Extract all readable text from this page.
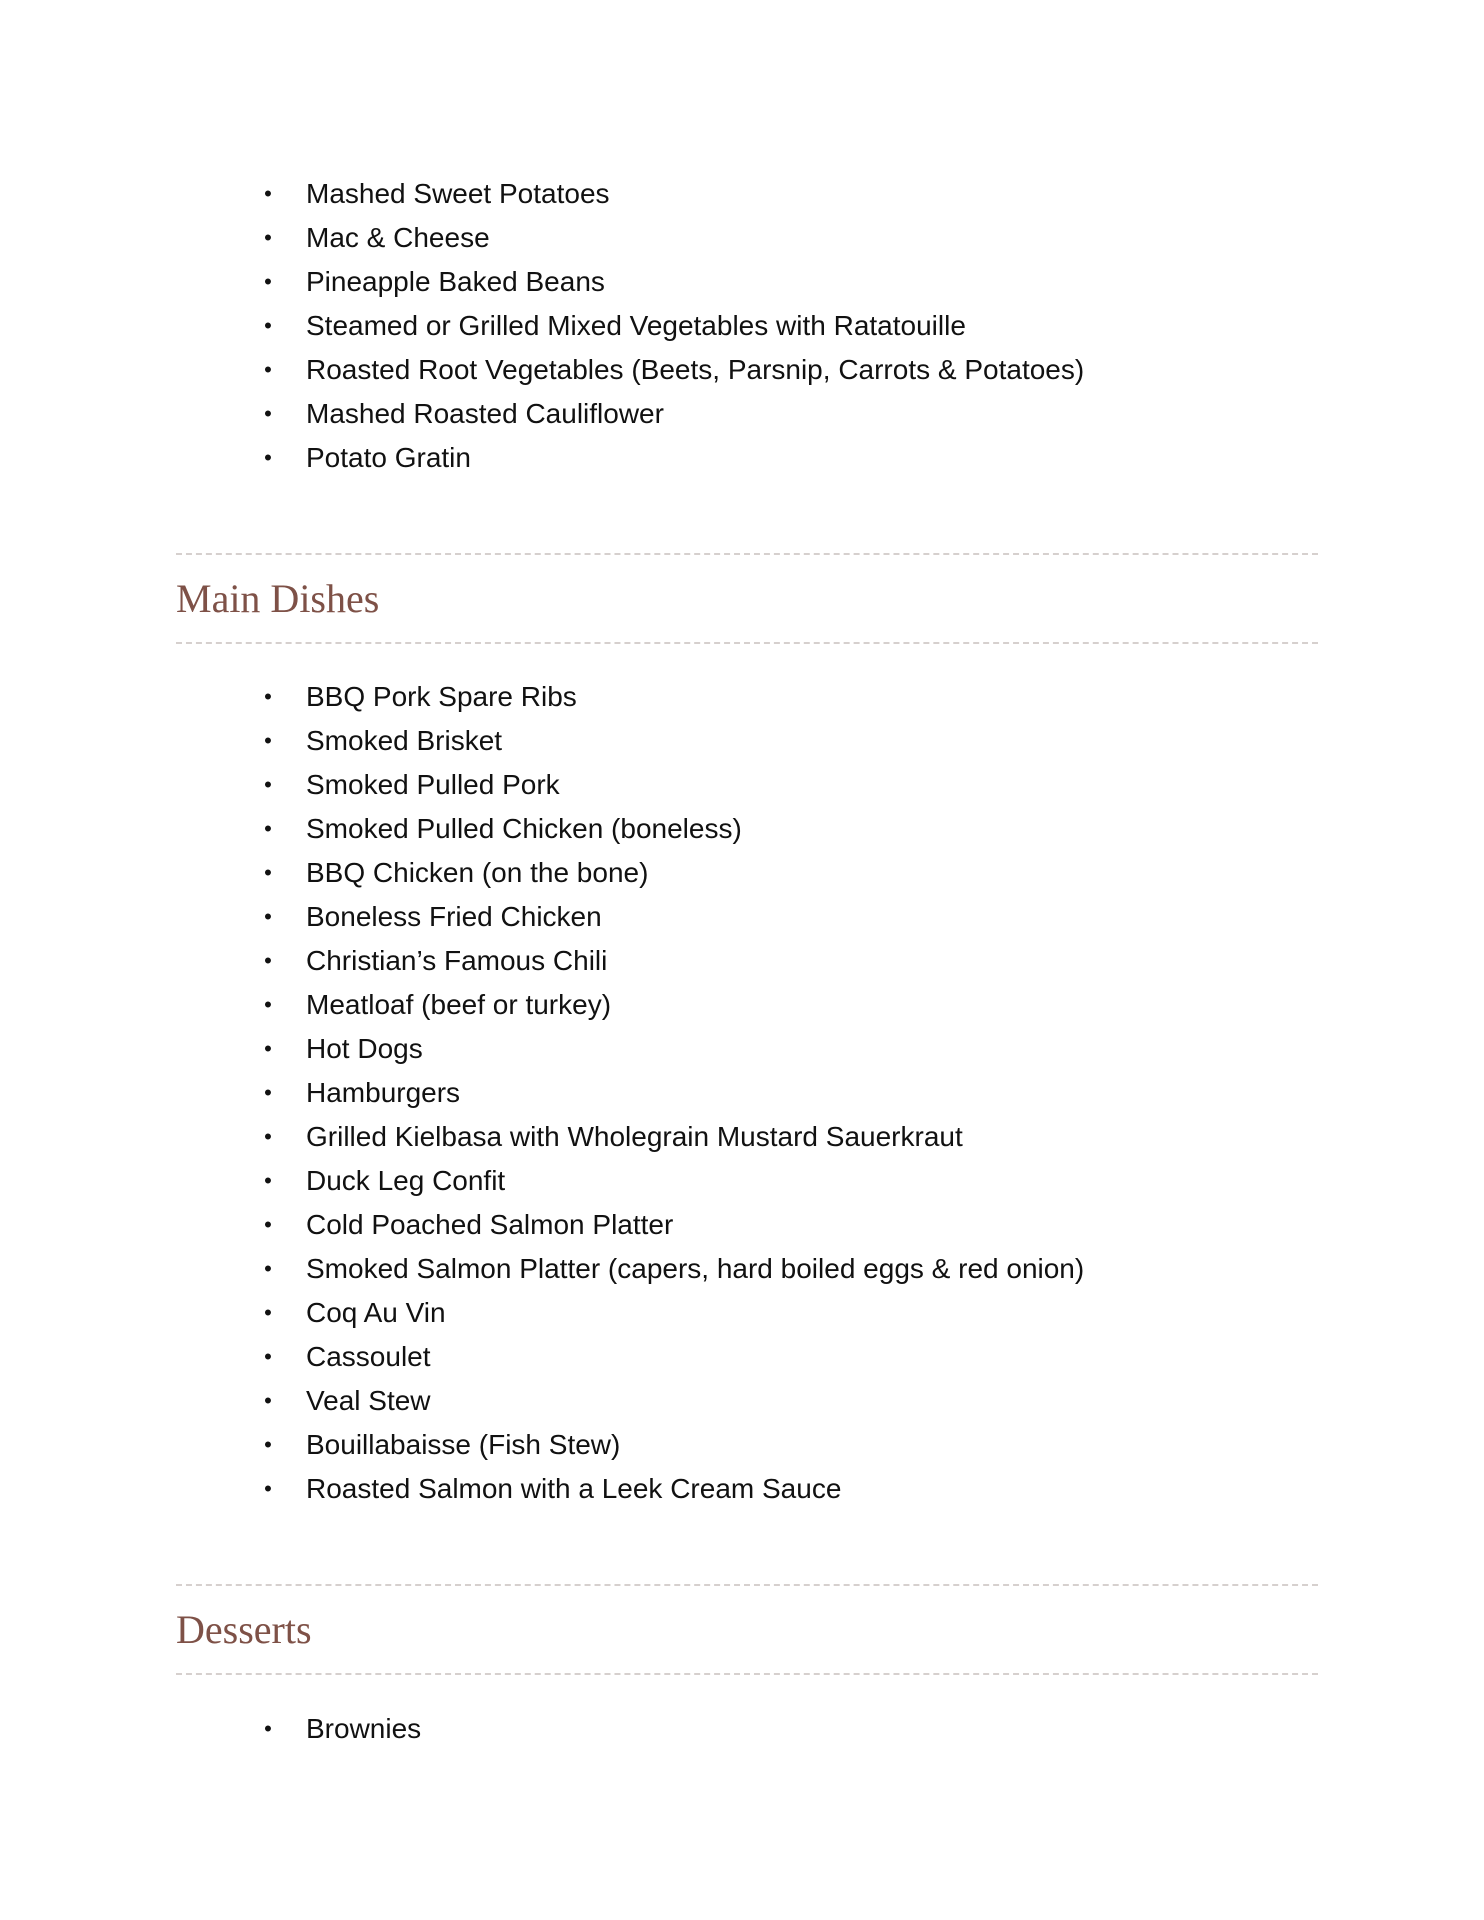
• Mashed Sweet Potatoes
• Mac & Cheese
• Pineapple Baked Beans
• Steamed or Grilled Mixed Vegetables with Ratatouille
• Roasted Root Vegetables (Beets, Parsnip, Carrots & Potatoes)
• Mashed Roasted Cauliflower
• Potato Gratin
Main Dishes
• BBQ Pork Spare Ribs
• Smoked Brisket
• Smoked Pulled Pork
• Smoked Pulled Chicken (boneless)
• BBQ Chicken (on the bone)
• Boneless Fried Chicken
• Christian’s Famous Chili
• Meatloaf (beef or turkey)
• Hot Dogs
• Hamburgers
• Grilled Kielbasa with Wholegrain Mustard Sauerkraut
• Duck Leg Confit
• Cold Poached Salmon Platter
• Smoked Salmon Platter (capers, hard boiled eggs & red onion)
• Coq Au Vin
• Cassoulet
• Veal Stew
• Bouillabaisse (Fish Stew)
• Roasted Salmon with a Leek Cream Sauce
Desserts
• Brownies
